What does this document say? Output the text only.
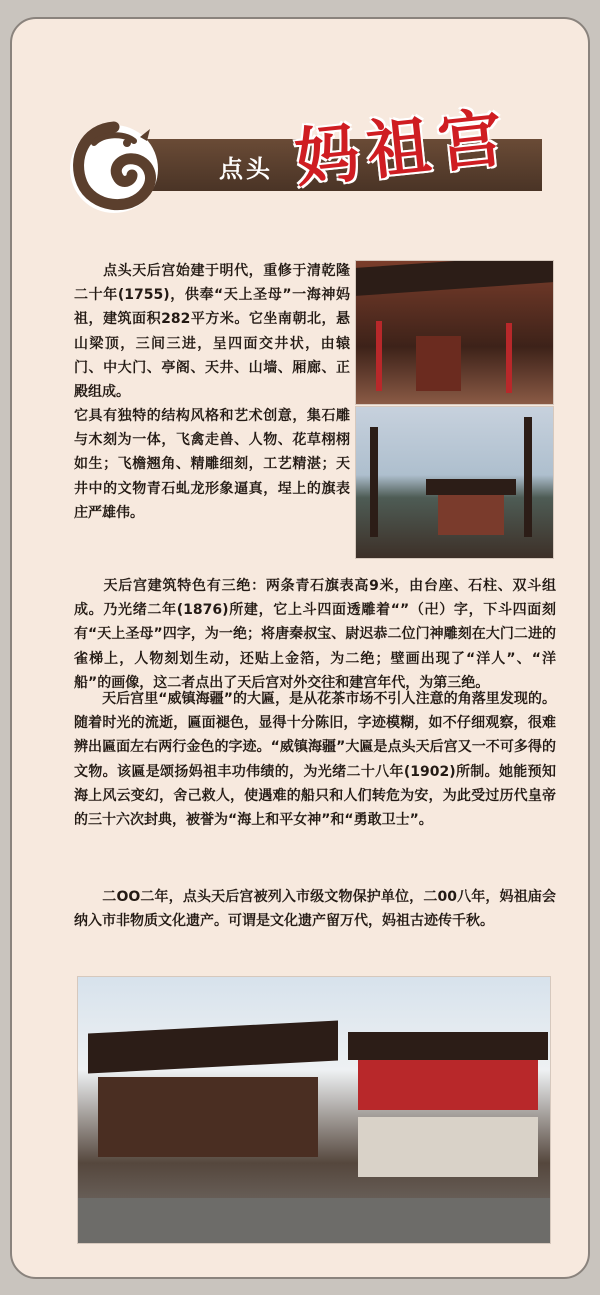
点头 妈祖宫
　　点头天后宫始建于明代，重修于清乾隆二十年(1755)，供奉“天上圣母”一海神妈祖，建筑面积282平方米。它坐南朝北，悬山梁顶，三间三进，呈四面交井状，由辕门、中大门、亭阁、天井、山墙、厢廊、正殿组成。
它具有独特的结构风格和艺术创意，集石雕与木刻为一体，飞禽走兽、人物、花草栩栩如生；飞檐翘角、精雕细刻，工艺精湛；天井中的文物青石虬龙形象逼真，埕上的旗表庄严雄伟。
　　天后宫建筑特色有三绝：两条青石旗表高9米，由台座、石柱、双斗组成。乃光绪二年(1876)所建，它上斗四面透雕着“”（卍）字，下斗四面刻有“天上圣母”四字，为一绝；将唐秦叔宝、尉迟恭二位门神雕刻在大门二进的雀梯上，人物刻划生动，还贴上金箔，为二绝；壁画出现了“洋人”、“洋船”的画像，这二者点出了天后宫对外交往和建宫年代，为第三绝。
　　天后宫里“威镇海疆”的大匾，是从花茶市场不引人注意的角落里发现的。随着时光的流逝，匾面褪色，显得十分陈旧，字迹模糊，如不仔细观察，很难辨出匾面左右两行金色的字迹。“威镇海疆”大匾是点头天后宫又一不可多得的文物。该匾是颂扬妈祖丰功伟绩的，为光绪二十八年(1902)所制。她能预知海上风云变幻，舍己救人，使遇难的船只和人们转危为安，为此受过历代皇帝的三十六次封典，被誉为“海上和平女神”和“勇敢卫士”。
　　二OO二年，点头天后宫被列入市级文物保护单位，二00八年，妈祖庙会纳入市非物质文化遗产。可谓是文化遗产留万代，妈祖古迹传千秋。
